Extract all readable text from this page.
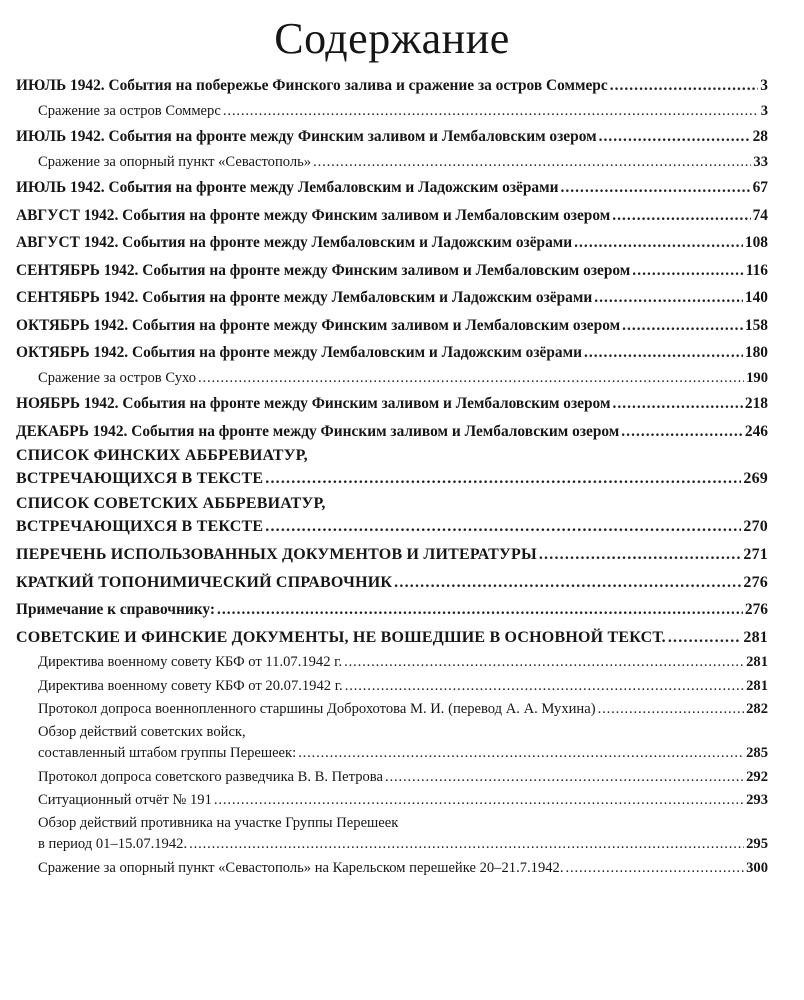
Содержание
ИЮЛЬ 1942. События на побережье Финского залива и сражение за остров Соммерс . . .	3
Сражение за остров Соммерс . . .	3
ИЮЛЬ 1942. События на фронте между Финским заливом и Лембаловским озером . . .	28
Сражение за опорный пункт «Севастополь» . . .	33
ИЮЛЬ 1942. События на фронте между Лембаловским и Ладожским озёрами . . .	67
АВГУСТ 1942. События на фронте между Финским заливом и Лембаловским озером . . .	74
АВГУСТ 1942. События на фронте между Лембаловским и Ладожским озёрами . . .	108
СЕНТЯБРЬ 1942. События на фронте между Финским заливом и Лембаловским озером . . .	116
СЕНТЯБРЬ 1942. События на фронте между Лембаловским и Ладожским озёрами . . .	140
ОКТЯБРЬ 1942. События на фронте между Финским заливом и Лембаловским озером . . .	158
ОКТЯБРЬ 1942. События на фронте между Лембаловским и Ладожским озёрами . . .	180
Сражение за остров Сухо . . .	190
НОЯБРЬ 1942. События на фронте между Финским заливом и Лембаловским озером . . .	218
ДЕКАБРЬ 1942. События на фронте между Финским заливом и Лембаловским озером . . .	246
СПИСОК ФИНСКИХ АББРЕВИАТУР,
ВСТРЕЧАЮЩИХСЯ В ТЕКСТЕ . . .	269
СПИСОК СОВЕТСКИХ АББРЕВИАТУР,
ВСТРЕЧАЮЩИХСЯ В ТЕКСТЕ . . .	270
ПЕРЕЧЕНЬ ИСПОЛЬЗОВАННЫХ ДОКУМЕНТОВ И ЛИТЕРАТУРЫ . . .	271
КРАТКИЙ ТОПОНИМИЧЕСКИЙ СПРАВОЧНИК . . .	276
Примечание к справочнику: . . .	276
СОВЕТСКИЕ И ФИНСКИЕ ДОКУМЕНТЫ, НЕ ВОШЕДШИЕ В ОСНОВНОЙ ТЕКСТ. . . .	281
Директива военному совету КБФ от 11.07.1942 г. . . .	281
Директива военному совету КБФ от 20.07.1942 г. . . .	281
Протокол допроса военнопленного старшины Доброхотова М. И. (перевод А. А. Мухина) . . .	282
Обзор действий советских войск,
составленный штабом группы Перешеек: . . .	285
Протокол допроса советского разведчика В. В. Петрова . . .	292
Ситуационный отчёт № 191 . . .	293
Обзор действий противника на участке Группы Перешеек
в период 01–15.07.1942. . . .	295
Сражение за опорный пункт «Севастополь» на Карельском перешейке 20–21.7.1942. . . .	300
